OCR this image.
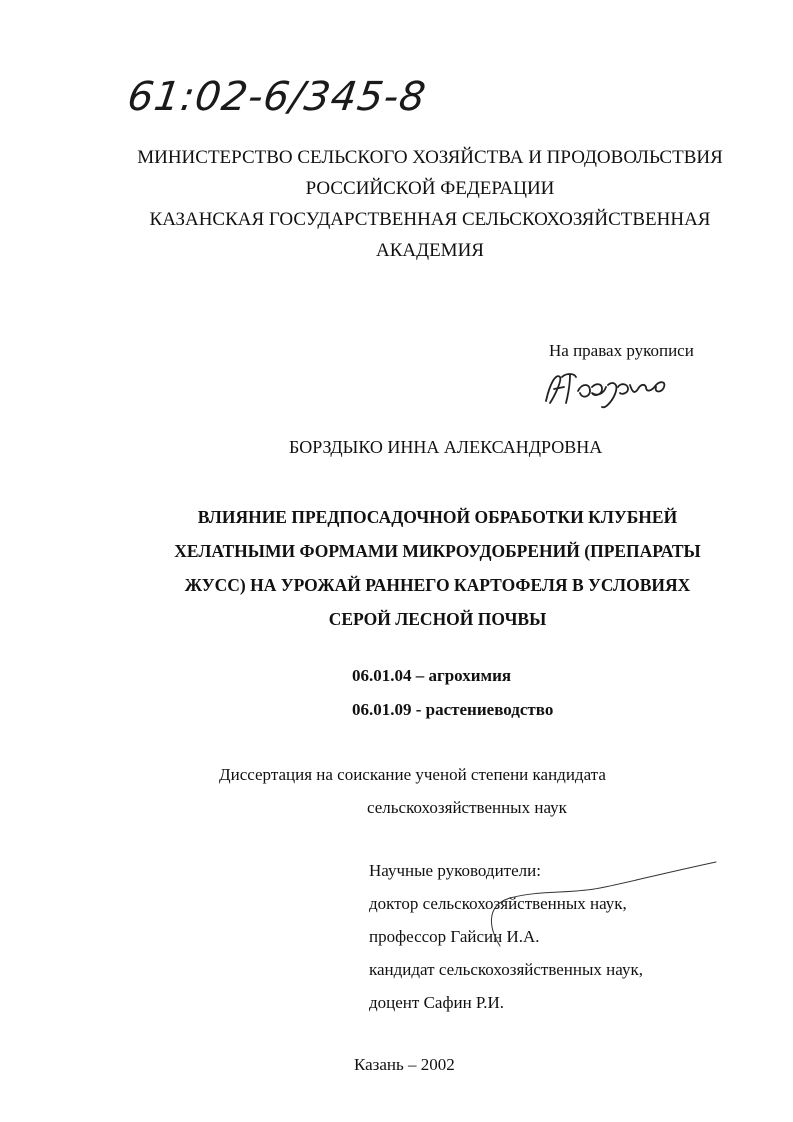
61:02-6/345-8
МИНИСТЕРСТВО СЕЛЬСКОГО ХОЗЯЙСТВА И ПРОДОВОЛЬСТВИЯ
РОССИЙСКОЙ ФЕДЕРАЦИИ
КАЗАНСКАЯ ГОСУДАРСТВЕННАЯ СЕЛЬСКОХОЗЯЙСТВЕННАЯ
АКАДЕМИЯ
На правах рукописи
БОРЗДЫКО ИННА АЛЕКСАНДРОВНА
ВЛИЯНИЕ ПРЕДПОСАДОЧНОЙ ОБРАБОТКИ КЛУБНЕЙ
ХЕЛАТНЫМИ ФОРМАМИ МИКРОУДОБРЕНИЙ (ПРЕПАРАТЫ
ЖУСС) НА УРОЖАЙ РАННЕГО КАРТОФЕЛЯ В УСЛОВИЯХ
СЕРОЙ ЛЕСНОЙ ПОЧВЫ
06.01.04 – агрохимия
06.01.09 - растениеводство
Диссертация на соискание ученой степени кандидата
сельскохозяйственных наук
Научные руководители:
доктор сельскохозяйственных наук,
профессор Гайсин И.А.
кандидат сельскохозяйственных наук,
доцент Сафин Р.И.
Казань – 2002
